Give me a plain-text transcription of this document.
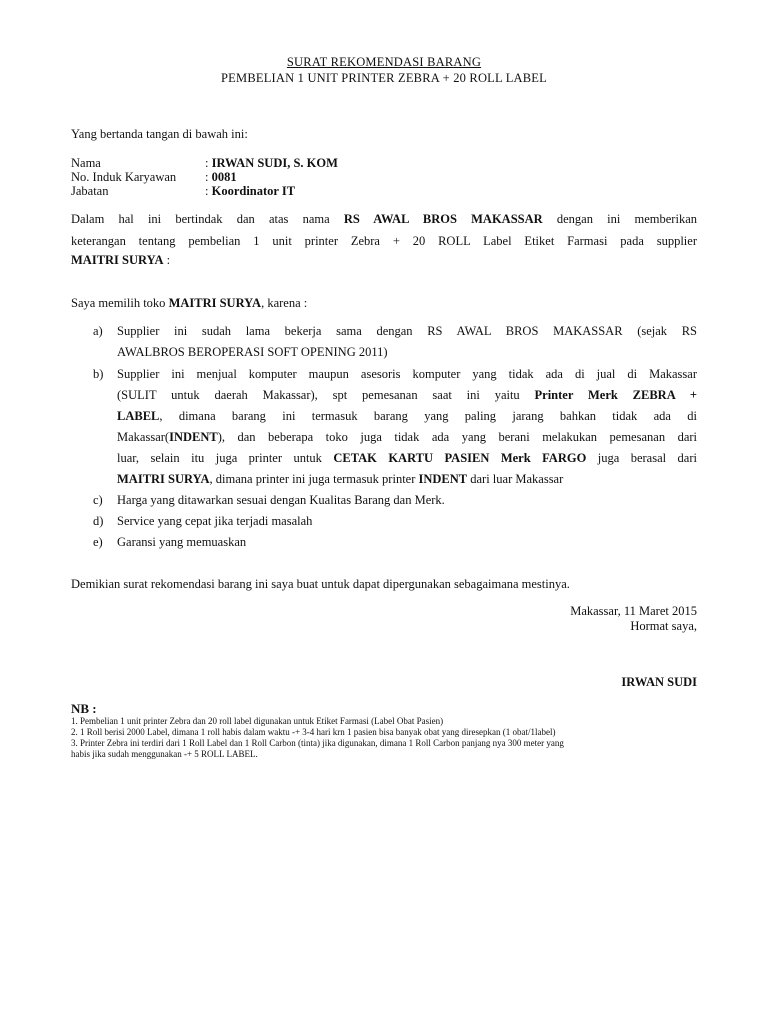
SURAT REKOMENDASI BARANG
PEMBELIAN 1 UNIT PRINTER ZEBRA + 20 ROLL LABEL
Yang bertanda tangan di bawah ini:
Nama	: IRWAN SUDI, S. KOM
No. Induk Karyawan	: 0081
Jabatan	: Koordinator IT
Dalam hal ini bertindak dan atas nama RS AWAL BROS MAKASSAR dengan ini memberikan
keterangan tentang pembelian 1 unit printer Zebra + 20 ROLL Label Etiket Farmasi pada supplier
MAITRI SURYA :
Saya memilih toko MAITRI SURYA, karena :
a) Supplier ini sudah lama bekerja sama dengan RS AWAL BROS MAKASSAR (sejak RS
AWALBROS BEROPERASI SOFT OPENING 2011)
b) Supplier ini menjual komputer maupun asesoris komputer yang tidak ada di jual di Makassar
(SULIT untuk daerah Makassar), spt pemesanan saat ini yaitu Printer Merk ZEBRA +
LABEL, dimana barang ini termasuk barang yang paling jarang bahkan tidak ada di
Makassar(INDENT), dan beberapa toko juga tidak ada yang berani melakukan pemesanan dari
luar, selain itu juga printer untuk CETAK KARTU PASIEN Merk FARGO juga berasal dari
MAITRI SURYA, dimana printer ini juga termasuk printer INDENT dari luar Makassar
c) Harga yang ditawarkan sesuai dengan Kualitas Barang dan Merk.
d) Service yang cepat jika terjadi masalah
e) Garansi yang memuaskan
Demikian surat rekomendasi barang ini saya buat untuk dapat dipergunakan sebagaimana mestinya.
Makassar, 11 Maret 2015
Hormat saya,
IRWAN SUDI
NB :
1. Pembelian 1 unit printer Zebra dan 20 roll label digunakan untuk Etiket Farmasi (Label Obat Pasien)
2. 1 Roll berisi 2000 Label, dimana 1 roll habis dalam waktu -+ 3-4 hari krn 1 pasien bisa banyak obat yang diresepkan (1 obat/1label)
3. Printer Zebra ini terdiri dari 1 Roll Label dan 1 Roll Carbon (tinta) jika digunakan, dimana 1 Roll Carbon panjang nya 300 meter yang
habis jika sudah menggunakan -+ 5 ROLL LABEL.
